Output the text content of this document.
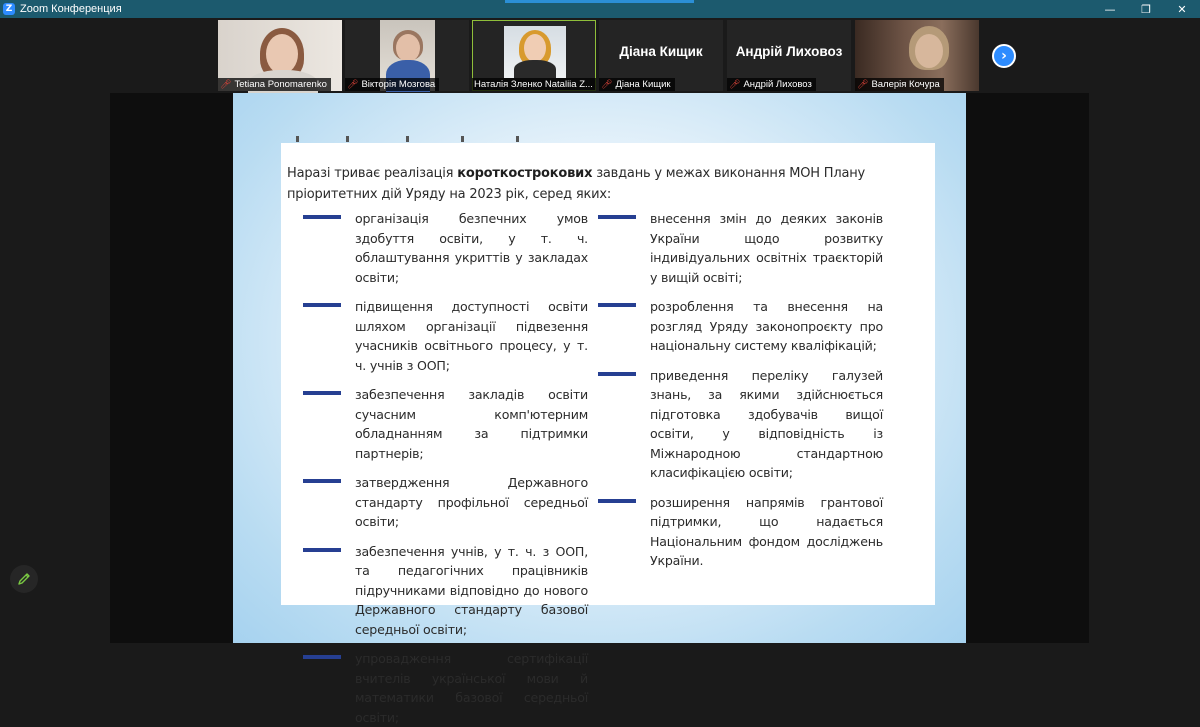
Z Zoom Конференция	—	❐	✕
🎤︎ Tetiana Ponomarenko 🎤︎ Вікторія Мозгова	Наталія Зленко Nataliia Z...
Діана Кищик
🎤︎ Діана Кищик
Андрій Лиховоз
🎤︎ Андрій Лиховоз	🎤︎ Валерія Кочура
›
Наразі триває реалізація короткострокових завдань у межах виконання МОН Плану пріоритетних дій Уряду на 2023 рік, серед яких:
організація безпечних умов здобуття освіти, у т. ч. облаштування укриттів у закладах освіти;
підвищення доступності освіти шляхом організації підвезення учасників освітнього процесу, у т. ч. учнів з ООП;
забезпечення закладів освіти сучасним комп'ютерним обладнанням за підтримки партнерів;
затвердження Державного стандарту профільної середньої освіти;
забезпечення учнів, у т. ч. з ООП, та педагогічних працівників підручниками відповідно до нового Державного стандарту базової середньої освіти;
упровадження сертифікації вчителів української мови й математики базової середньої освіти;
внесення змін до деяких законів України щодо розвитку індивідуальних освітніх траєкторій у вищій освіті;
розроблення та внесення на розгляд Уряду законопроєкту про національну систему кваліфікацій;
приведення переліку галузей знань, за якими здійснюється підготовка здобувачів вищої освіти, у відповідність із Міжнародною стандартною класифікацією освіти;
розширення напрямів грантової підтримки, що надається Національним фондом досліджень України.
